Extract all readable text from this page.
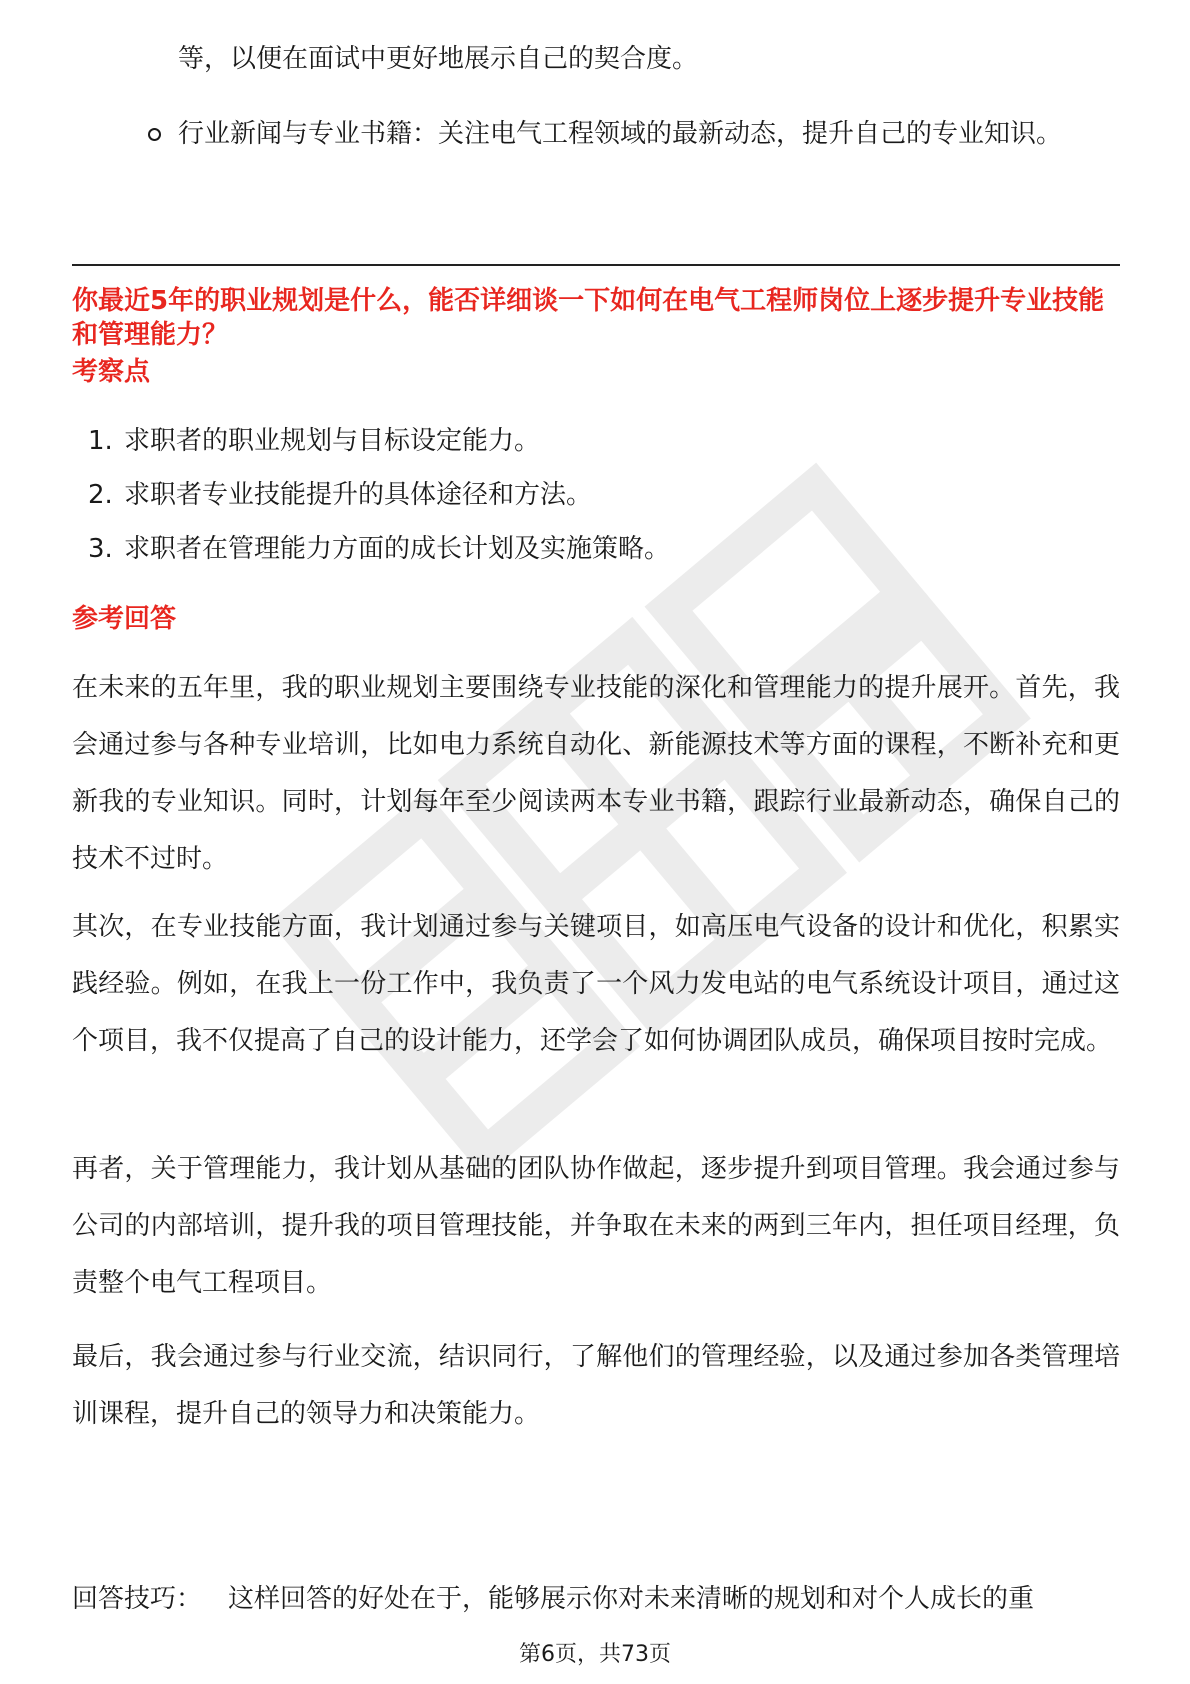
等，以便在面试中更好地展示自己的契合度。

行业新闻与专业书籍：关注电气工程领域的最新动态，提升自己的专业知识。

你最近5年的职业规划是什么，能否详细谈一下如何在电气工程师岗位上逐步提升专业技能和管理能力？

考察点

1. 求职者的职业规划与目标设定能力。

2. 求职者专业技能提升的具体途径和方法。

3. 求职者在管理能力方面的成长计划及实施策略。

参考回答

在未来的五年里，我的职业规划主要围绕专业技能的深化和管理能力的提升展开。首先，我会通过参与各种专业培训，比如电力系统自动化、新能源技术等方面的课程，不断补充和更新我的专业知识。同时，计划每年至少阅读两本专业书籍，跟踪行业最新动态，确保自己的技术不过时。

其次，在专业技能方面，我计划通过参与关键项目，如高压电气设备的设计和优化，积累实践经验。例如，在我上一份工作中，我负责了一个风力发电站的电气系统设计项目，通过这个项目，我不仅提高了自己的设计能力，还学会了如何协调团队成员，确保项目按时完成。

再者，关于管理能力，我计划从基础的团队协作做起，逐步提升到项目管理。我会通过参与公司的内部培训，提升我的项目管理技能，并争取在未来的两到三年内，担任项目经理，负责整个电气工程项目。

最后，我会通过参与行业交流，结识同行，了解他们的管理经验，以及通过参加各类管理培训课程，提升自己的领导力和决策能力。

回答技巧： 这样回答的好处在于，能够展示你对未来清晰的规划和对个人成长的重

第6页，共73页
